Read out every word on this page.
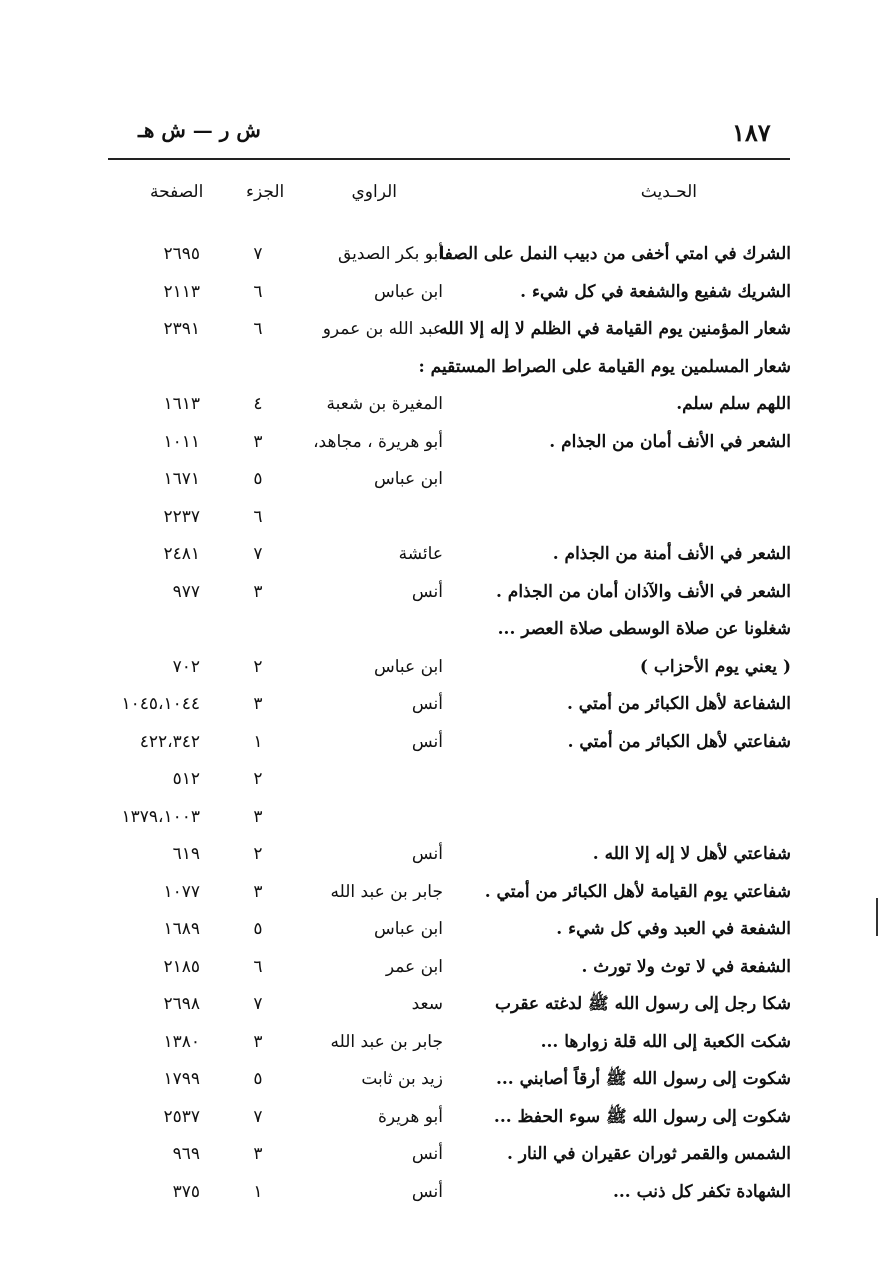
١٨٧
ش ر — ش هـ
الحـديث
الراوي
الجزء
الصفحة
الشرك في امتي أخفى من دبيب النمل على الصفا .
أبو بكر الصديق
٧
٢٦٩٥
الشريك شفيع والشفعة في كل شيء .
ابن عباس
٦
٢١١٣
شعار المؤمنين يوم القيامة في الظلم لا إله إلا الله .
عبد الله بن عمرو
٦
٢٣٩١
شعار المسلمين يوم القيامة على الصراط المستقيم :
اللهم سلم سلم.
المغيرة بن شعبة
٤
١٦١٣
الشعر في الأنف أمان من الجذام .
أبو هريرة ، مجاهد،
٣
١٠١١
ابن عباس
٥
١٦٧١
٦
٢٢٣٧
الشعر في الأنف أمنة من الجذام .
عائشة
٧
٢٤٨١
الشعر في الأنف والآذان أمان من الجذام .
أنس
٣
٩٧٧
شغلونا عن صلاة الوسطى صلاة العصر ...
( يعني يوم الأحزاب )
ابن عباس
٢
٧٠٢
الشفاعة لأهل الكبائر من أمتي .
أنس
٣
١٠٤٥،١٠٤٤
شفاعتي لأهل الكبائر من أمتي .
أنس
١
٤٢٢،٣٤٢
٢
٥١٢
٣
١٣٧٩،١٠٠٣
شفاعتي لأهل لا إله إلا الله .
أنس
٢
٦١٩
شفاعتي يوم القيامة لأهل الكبائر من أمتي .
جابر بن عبد الله
٣
١٠٧٧
الشفعة في العبد وفي كل شيء .
ابن عباس
٥
١٦٨٩
الشفعة في لا توث ولا تورث .
ابن عمر
٦
٢١٨٥
شكا رجل إلى رسول الله ﷺ لدغته عقرب
سعد
٧
٢٦٩٨
شكت الكعبة إلى الله قلة زوارها ...
جابر بن عبد الله
٣
١٣٨٠
شكوت إلى رسول الله ﷺ أرقاً أصابني ...
زيد بن ثابت
٥
١٧٩٩
شكوت إلى رسول الله ﷺ سوء الحفظ ...
أبو هريرة
٧
٢٥٣٧
الشمس والقمر ثوران عقيران في النار .
أنس
٣
٩٦٩
الشهادة تكفر كل ذنب ...
أنس
١
٣٧٥
